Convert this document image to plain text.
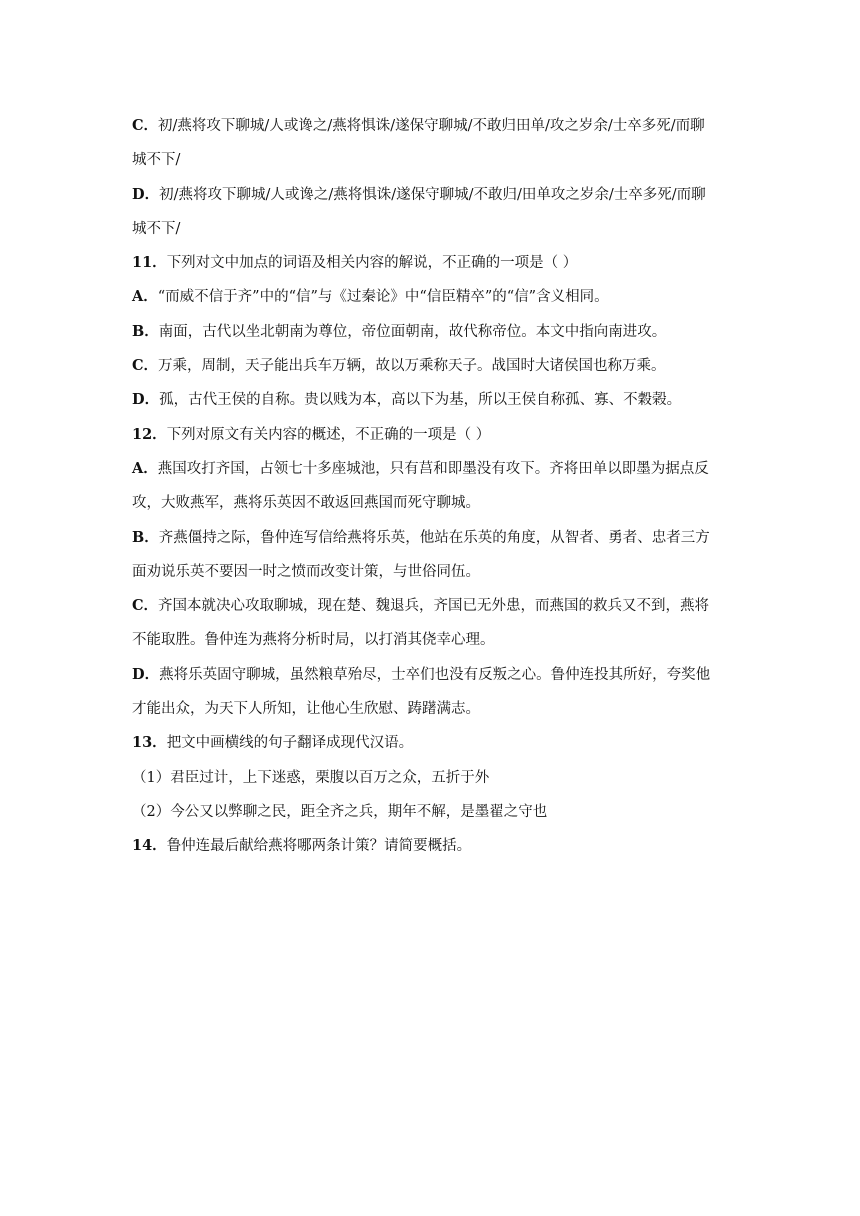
C．初/燕将攻下聊城/人或谗之/燕将惧诛/遂保守聊城/不敢归田单/攻之岁余/士卒多死/而聊
城不下/
D．初/燕将攻下聊城/人或谗之/燕将惧诛/遂保守聊城/不敢归/田单攻之岁余/士卒多死/而聊
城不下/
11．下列对文中加点的词语及相关内容的解说，不正确的一项是（ ）
A．“而威不信于齐”中的“信”与《过秦论》中“信臣精卒”的“信”含义相同。
B．南面，古代以坐北朝南为尊位，帝位面朝南，故代称帝位。本文中指向南进攻。
C．万乘，周制，天子能出兵车万辆，故以万乘称天子。战国时大诸侯国也称万乘。
D．孤，古代王侯的自称。贵以贱为本，高以下为基，所以王侯自称孤、寡、不穀榖。
12．下列对原文有关内容的概述，不正确的一项是（ ）
A．燕国攻打齐国，占领七十多座城池，只有莒和即墨没有攻下。齐将田单以即墨为据点反
攻，大败燕军，燕将乐英因不敢返回燕国而死守聊城。
B．齐燕僵持之际，鲁仲连写信给燕将乐英，他站在乐英的角度，从智者、勇者、忠者三方
面劝说乐英不要因一时之愤而改变计策，与世俗同伍。
C．齐国本就决心攻取聊城，现在楚、魏退兵，齐国已无外患，而燕国的救兵又不到，燕将
不能取胜。鲁仲连为燕将分析时局，以打消其侥幸心理。
D．燕将乐英固守聊城，虽然粮草殆尽，士卒们也没有反叛之心。鲁仲连投其所好，夸奖他
才能出众，为天下人所知，让他心生欣慰、踌躇满志。
13．把文中画横线的句子翻译成现代汉语。
（1）君臣过计，上下迷惑，栗腹以百万之众，五折于外
（2）今公又以弊聊之民，距全齐之兵，期年不解，是墨翟之守也
14．鲁仲连最后献给燕将哪两条计策？请简要概括。
